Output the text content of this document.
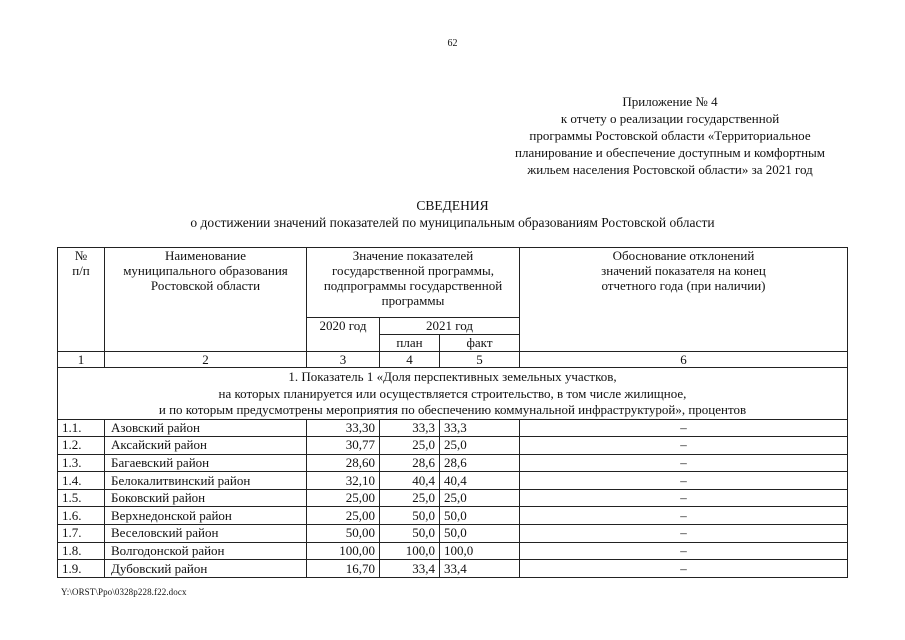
62
Приложение № 4
к отчету о реализации государственной
программы Ростовской области «Территориальное
планирование и обеспечение доступным и комфортным
жильем населения Ростовской области» за 2021 год
СВЕДЕНИЯ
о достижении значений показателей по муниципальным образованиям Ростовской области
№
п/п	Наименование
муниципального образования
Ростовской области	Значение показателей
государственной программы,
подпрограммы государственной
программы			Обоснование отклонений
значений показателя на конец
отчетного года (при наличии)
		2020 год	2021 год		
			план	факт	
1	2	3	4	5	6
1. Показатель 1 «Доля перспективных земельных участков,
на которых планируется или осуществляется строительство, в том числе жилищное,
и по которым предусмотрены мероприятия по обеспечению коммунальной инфраструктурой», процентов					
1.1.	Азовский район	33,30	33,3	33,3	–
1.2.	Аксайский район	30,77	25,0	25,0	–
1.3.	Багаевский район	28,60	28,6	28,6	–
1.4.	Белокалитвинский район	32,10	40,4	40,4	–
1.5.	Боковский район	25,00	25,0	25,0	–
1.6.	Верхнедонской район	25,00	50,0	50,0	–
1.7.	Веселовский район	50,00	50,0	50,0	–
1.8.	Волгодонской район	100,00	100,0	100,0	–
1.9.	Дубовский район	16,70	33,4	33,4	–
Y:\ORST\Ppo\0328p228.f22.docx
